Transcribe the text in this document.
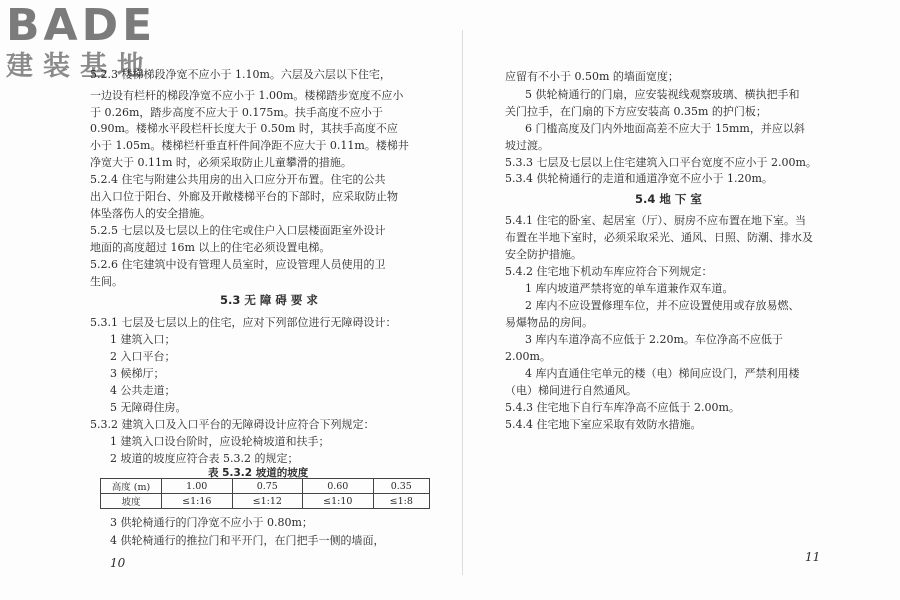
BADE
建装基地
5.2.3 楼梯梯段净宽不应小于 1.10m。六层及六层以下住宅，
一边设有栏杆的梯段净宽不应小于 1.00m。楼梯踏步宽度不应小
于 0.26m，踏步高度不应大于 0.175m。扶手高度不应小于
0.90m。楼梯水平段栏杆长度大于 0.50m 时，其扶手高度不应
小于 1.05m。楼梯栏杆垂直杆件间净距不应大于 0.11m。楼梯井
净宽大于 0.11m 时，必须采取防止儿童攀滑的措施。
5.2.4 住宅与附建公共用房的出入口应分开布置。住宅的公共
出入口位于阳台、外廊及开敞楼梯平台的下部时，应采取防止物
体坠落伤人的安全措施。
5.2.5 七层以及七层以上的住宅或住户入口层楼面距室外设计
地面的高度超过 16m 以上的住宅必须设置电梯。
5.2.6 住宅建筑中设有管理人员室时，应设管理人员使用的卫
生间。
5.3 无 障 碍 要 求
5.3.1 七层及七层以上的住宅，应对下列部位进行无障碍设计：
1 建筑入口；
2 入口平台；
3 候梯厅；
4 公共走道；
5 无障碍住房。
5.3.2 建筑入口及入口平台的无障碍设计应符合下列规定：
1 建筑入口设台阶时，应设轮椅坡道和扶手；
2 坡道的坡度应符合表 5.3.2 的规定；
表 5.3.2 坡道的坡度
高度 (m)	1.00	0.75	0.60	0.35
坡度	≤1:16	≤1:12	≤1:10	≤1:8
3 供轮椅通行的门净宽不应小于 0.80m；
4 供轮椅通行的推拉门和平开门，在门把手一侧的墙面，
10
应留有不小于 0.50m 的墙面宽度；
5 供轮椅通行的门扇，应安装视线观察玻璃、横执把手和
关门拉手，在门扇的下方应安装高 0.35m 的护门板；
6 门槛高度及门内外地面高差不应大于 15mm，并应以斜
坡过渡。
5.3.3 七层及七层以上住宅建筑入口平台宽度不应小于 2.00m。
5.3.4 供轮椅通行的走道和通道净宽不应小于 1.20m。
5.4 地 下 室
5.4.1 住宅的卧室、起居室（厅）、厨房不应布置在地下室。当
布置在半地下室时，必须采取采光、通风、日照、防潮、排水及
安全防护措施。
5.4.2 住宅地下机动车库应符合下列规定：
1 库内坡道严禁将宽的单车道兼作双车道。
2 库内不应设置修理车位，并不应设置使用或存放易燃、
易爆物品的房间。
3 库内车道净高不应低于 2.20m。车位净高不应低于
2.00m。
4 库内直通住宅单元的楼（电）梯间应设门，严禁利用楼
（电）梯间进行自然通风。
5.4.3 住宅地下自行车库净高不应低于 2.00m。
5.4.4 住宅地下室应采取有效防水措施。
11
